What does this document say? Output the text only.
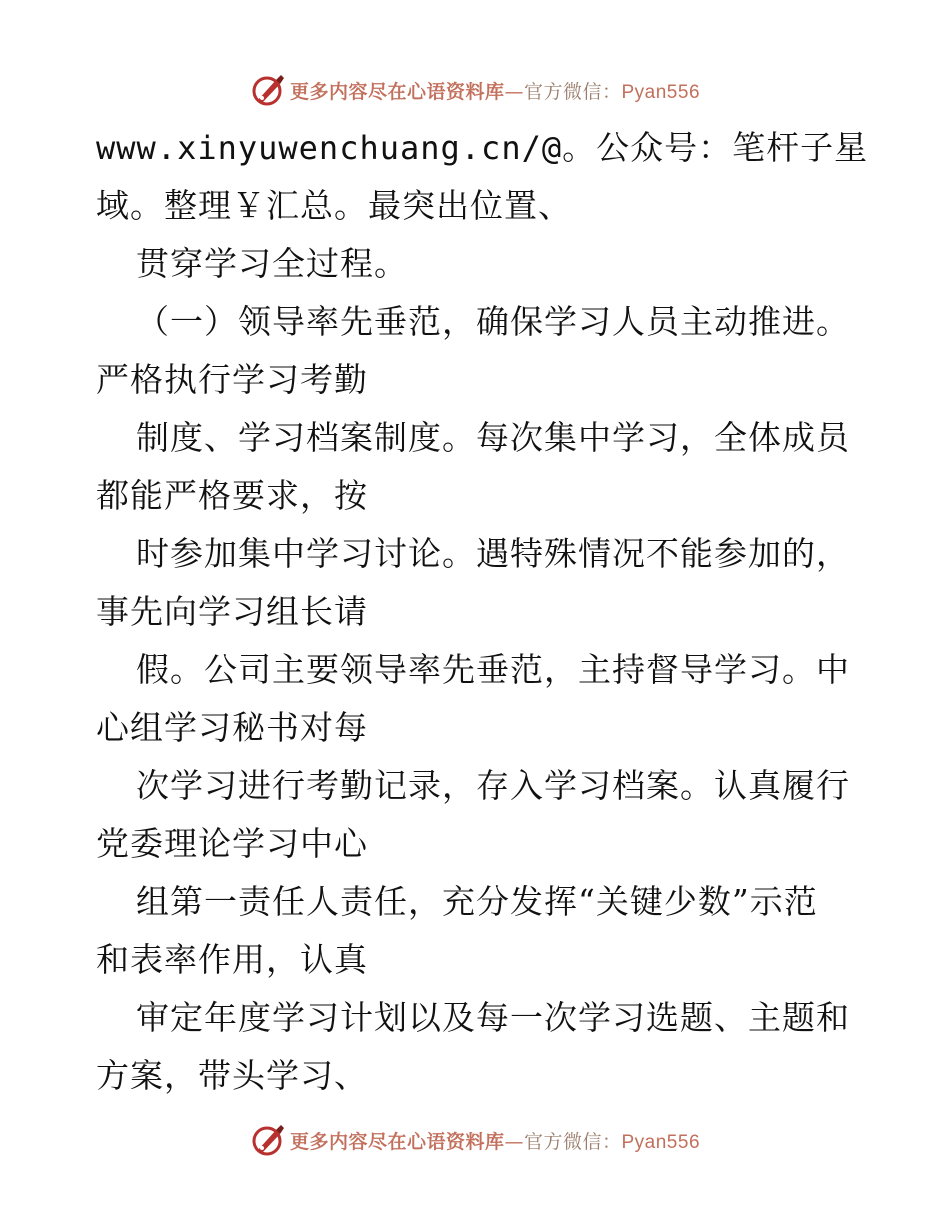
更多内容尽在心语资料库—官方微信：Pyan556
www.xinyuwenchuang.cn/@。公众号：笔杆子星
域。整理￥汇总。最突出位置、
贯穿学习全过程。
（一）领导率先垂范，确保学习人员主动推进。
严格执行学习考勤
制度、学习档案制度。每次集中学习，全体成员
都能严格要求，按
时参加集中学习讨论。遇特殊情况不能参加的，
事先向学习组长请
假。公司主要领导率先垂范，主持督导学习。中
心组学习秘书对每
次学习进行考勤记录，存入学习档案。认真履行
党委理论学习中心
组第一责任人责任，充分发挥“关键少数”示范
和表率作用，认真
审定年度学习计划以及每一次学习选题、主题和
方案，带头学习、
更多内容尽在心语资料库—官方微信：Pyan556
